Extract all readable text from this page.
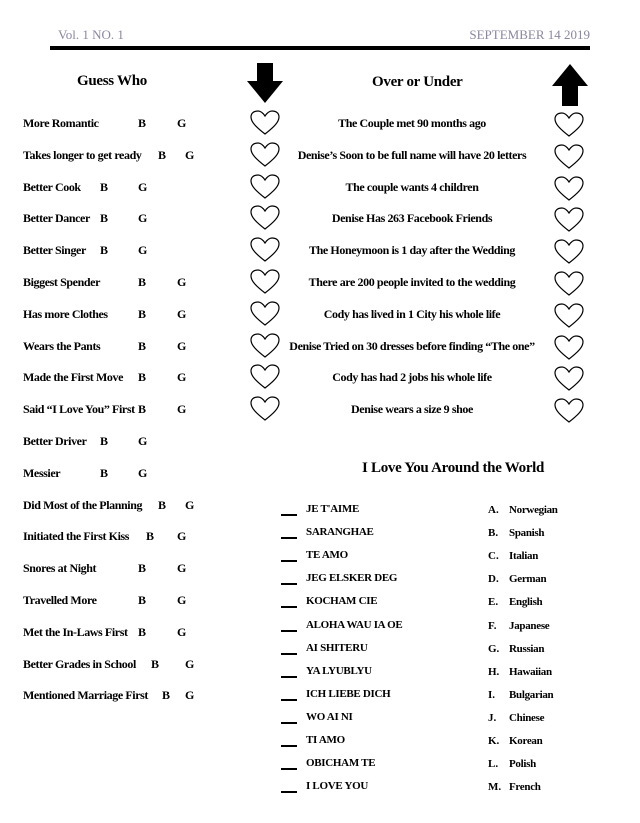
Vol. 1 NO. 1	SEPTEMBER 14 2019
Guess Who	Over or Under
More Romantic	B	G
Takes longer to get ready B G
Better Cook B	G
Better Dancer B	G
Better Singer B	G
Biggest Spender	B	G
Has more Clothes	B	G
Wears the Pants	B	G
Made the First Move B	G
Said “I Love You” First B	G
Better Driver B	G
Messier	B	G
Did Most of the Planning B G
Initiated the First Kiss B G
Snores at Night	B	G
Travelled More	B	G
Met the In-Laws First B	G
Better Grades in School B G
Mentioned Marriage First B G
The Couple met 90 months ago
Denise’s Soon to be full name will have 20 letters
The couple wants 4 children
Denise Has 263 Facebook Friends
The Honeymoon is 1 day after the Wedding
There are 200 people invited to the wedding
Cody has lived in 1 City his whole life
Denise Tried on 30 dresses before finding “The one”
Cody has had 2 jobs his whole life
Denise wears a size 9 shoe
I Love You Around the World
JE T'AIME	A. Norwegian
SARANGHAE	B. Spanish
TE AMO	C. Italian
JEG ELSKER DEG	D. German
KOCHAM CIE	E. English
ALOHA WAU IA OE	F. Japanese
AI SHITERU	G. Russian
YA LYUBLYU	H. Hawaiian
ICH LIEBE DICH	I. Bulgarian
WO AI NI	J. Chinese
TI AMO	K. Korean
OBICHAM TE	L. Polish
I LOVE YOU	M. French
